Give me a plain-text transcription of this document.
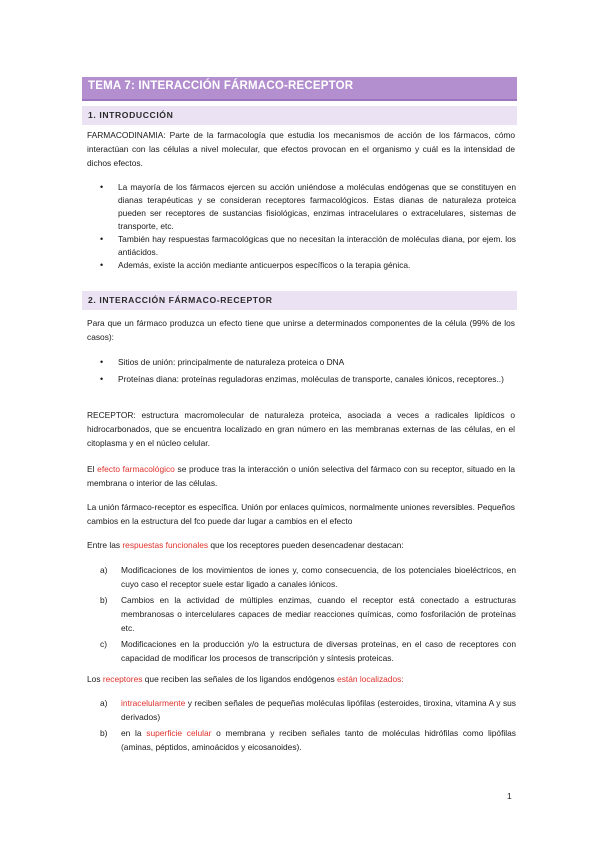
TEMA 7: INTERACCIÓN FÁRMACO-RECEPTOR
1. INTRODUCCIÓN

FARMACODINAMIA: Parte de la farmacología que estudia los mecanismos de acción de los fármacos, cómo interactúan con las células a nivel molecular, que efectos provocan en el organismo y cuál es la intensidad de dichos efectos.

• La mayoría de los fármacos ejercen su acción uniéndose a moléculas endógenas que se constituyen en dianas terapéuticas y se consideran receptores farmacológicos. Estas dianas de naturaleza proteica pueden ser receptores de sustancias fisiológicas, enzimas intracelulares o extracelulares, sistemas de transporte, etc.
• También hay respuestas farmacológicas que no necesitan la interacción de moléculas diana, por ejem. los antiácidos.
• Además, existe la acción mediante anticuerpos específicos o la terapia génica.
2. INTERACCIÓN FÁRMACO-RECEPTOR

Para que un fármaco produzca un efecto tiene que unirse a determinados componentes de la célula (99% de los casos):

• Sitios de unión: principalmente de naturaleza proteica o DNA
• Proteínas diana: proteínas reguladoras enzimas, moléculas de transporte, canales iónicos, receptores..)

RECEPTOR: estructura macromolecular de naturaleza proteica, asociada a veces a radicales lipídicos o hidrocarbonados, que se encuentra localizado en gran número en las membranas externas de las células, en el citoplasma y en el núcleo celular.

El efecto farmacológico se produce tras la interacción o unión selectiva del fármaco con su receptor, situado en la membrana o interior de las células.

La unión fármaco-receptor es específica. Unión por enlaces químicos, normalmente uniones reversibles. Pequeños cambios en la estructura del fco puede dar lugar a cambios en el efecto

Entre las respuestas funcionales que los receptores pueden desencadenar destacan:

a) Modificaciones de los movimientos de iones y, como consecuencia, de los potenciales bioeléctricos, en cuyo caso el receptor suele estar ligado a canales iónicos.
b) Cambios en la actividad de múltiples enzimas, cuando el receptor está conectado a estructuras membranosas o intercelulares capaces de mediar reacciones químicas, como fosforilación de proteínas etc.
c) Modificaciones en la producción y/o la estructura de diversas proteínas, en el caso de receptores con capacidad de modificar los procesos de transcripción y síntesis proteicas.

Los receptores que reciben las señales de los ligandos endógenos están localizados:

a) intracelularmente y reciben señales de pequeñas moléculas lipófilas (esteroides, tiroxina, vitamina A y sus derivados)
b) en la superficie celular o membrana y reciben señales tanto de moléculas hidrófilas como lipófilas (aminas, péptidos, aminoácidos y eicosanoides).
1
